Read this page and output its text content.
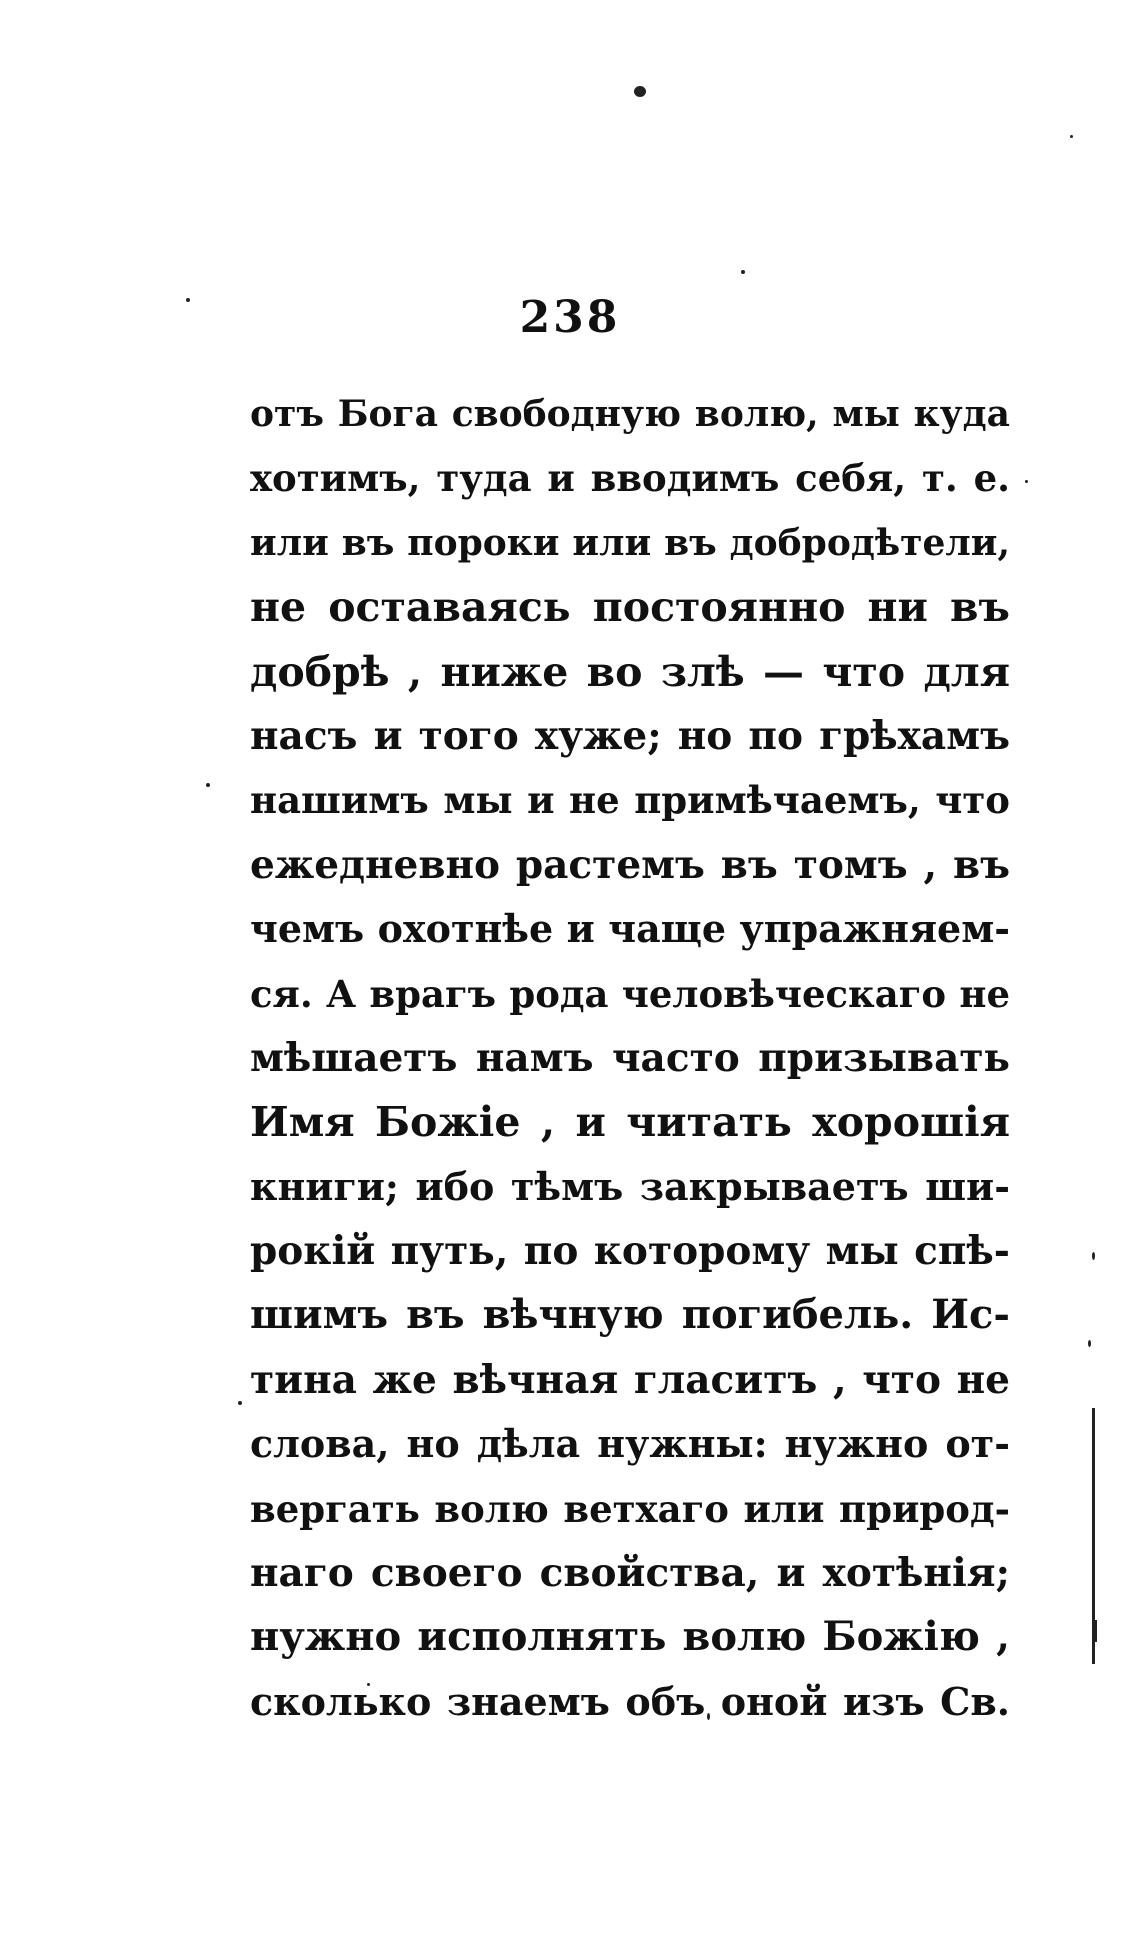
238
отъ Бога свободную волю, мы куда
хотимъ, туда и вводимъ себя, т. е.
или въ пороки или въ добродѣтели,
не оставаясь постоянно ни въ
добрѣ , ниже во злѣ — что для
насъ и того хуже; но по грѣхамъ
нашимъ мы и не примѣчаемъ, что
ежедневно растемъ въ томъ , въ
чемъ охотнѣе и чаще упражняем-
ся. А врагъ рода человѣческаго не
мѣшаетъ намъ часто призывать
Имя Божіе , и читать хорошія
книги; ибо тѣмъ закрываетъ ши-
рокій путь, по которому мы спѣ-
шимъ въ вѣчную погибель. Ис-
тина же вѣчная гласитъ , что не
слова, но дѣла нужны: нужно от-
вергать волю ветхаго или природ-
наго своего свойства, и хотѣнія;
нужно исполнять волю Божію ,
сколько знаемъ объ оной изъ Св.
